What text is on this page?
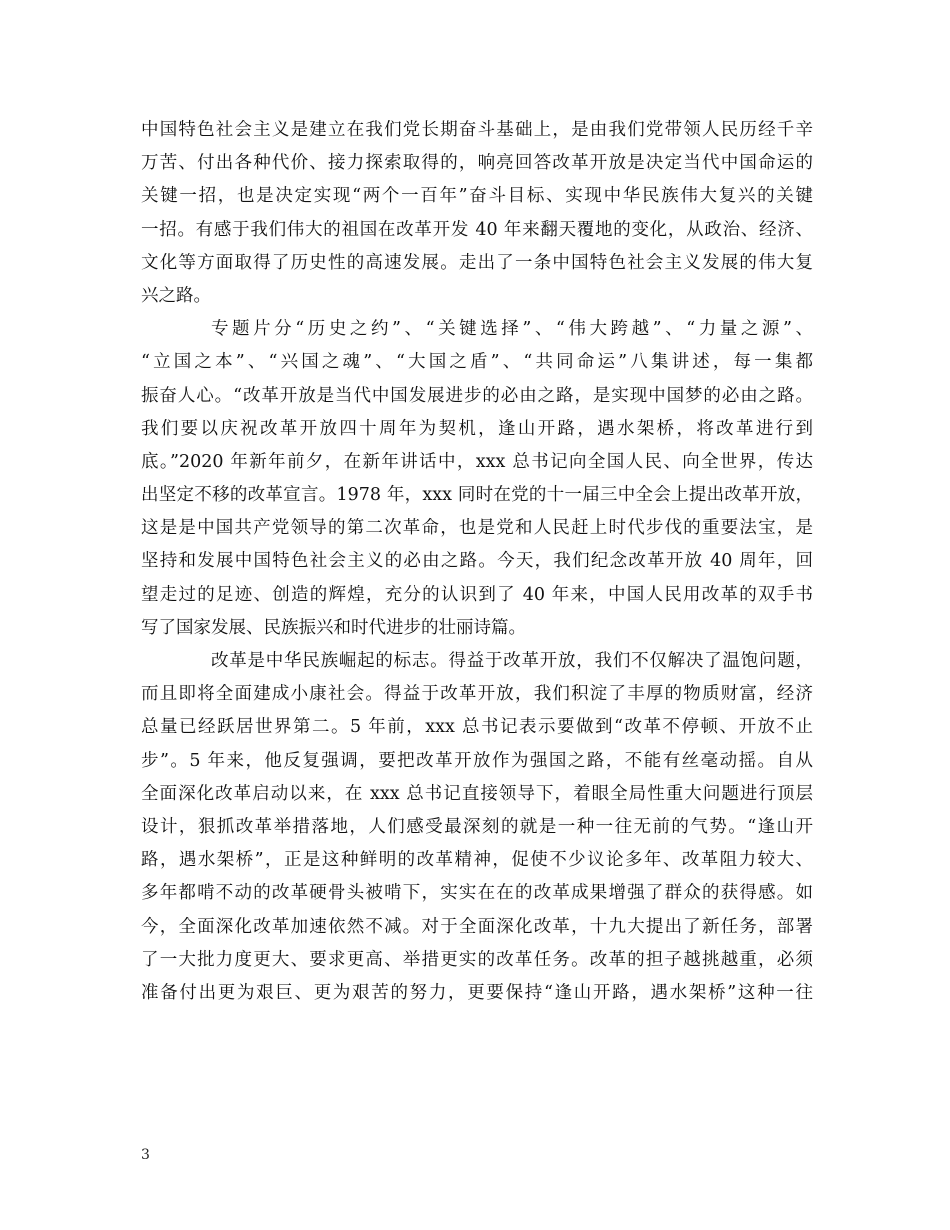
中国特色社会主义是建立在我们党长期奋斗基础上，是由我们党带领人民历经千辛
万苦、付出各种代价、接力探索取得的，响亮回答改革开放是决定当代中国命运的
关键一招，也是决定实现“两个一百年”奋斗目标、实现中华民族伟大复兴的关键
一招。有感于我们伟大的祖国在改革开发 40 年来翻天覆地的变化，从政治、经济、
文化等方面取得了历史性的高速发展。走出了一条中国特色社会主义发展的伟大复
兴之路。
专题片分“历史之约”、“关键选择”、“伟大跨越”、“力量之源”、
“立国之本”、“兴国之魂”、“大国之盾”、“共同命运”八集讲述，每一集都
振奋人心。“改革开放是当代中国发展进步的必由之路，是实现中国梦的必由之路。
我们要以庆祝改革开放四十周年为契机，逢山开路，遇水架桥，将改革进行到
底。”2020 年新年前夕，在新年讲话中，xxx 总书记向全国人民、向全世界，传达
出坚定不移的改革宣言。1978 年，xxx 同时在党的十一届三中全会上提出改革开放，
这是是中国共产党领导的第二次革命，也是党和人民赶上时代步伐的重要法宝，是
坚持和发展中国特色社会主义的必由之路。今天，我们纪念改革开放 40 周年，回
望走过的足迹、创造的辉煌，充分的认识到了 40 年来，中国人民用改革的双手书
写了国家发展、民族振兴和时代进步的壮丽诗篇。
改革是中华民族崛起的标志。得益于改革开放，我们不仅解决了温饱问题，
而且即将全面建成小康社会。得益于改革开放，我们积淀了丰厚的物质财富，经济
总量已经跃居世界第二。5 年前，xxx 总书记表示要做到“改革不停顿、开放不止
步”。5 年来，他反复强调，要把改革开放作为强国之路，不能有丝毫动摇。自从
全面深化改革启动以来，在 xxx 总书记直接领导下，着眼全局性重大问题进行顶层
设计，狠抓改革举措落地，人们感受最深刻的就是一种一往无前的气势。“逢山开
路，遇水架桥”，正是这种鲜明的改革精神，促使不少议论多年、改革阻力较大、
多年都啃不动的改革硬骨头被啃下，实实在在的改革成果增强了群众的获得感。如
今，全面深化改革加速依然不减。对于全面深化改革，十九大提出了新任务，部署
了一大批力度更大、要求更高、举措更实的改革任务。改革的担子越挑越重，必须
准备付出更为艰巨、更为艰苦的努力，更要保持“逢山开路，遇水架桥”这种一往
3
